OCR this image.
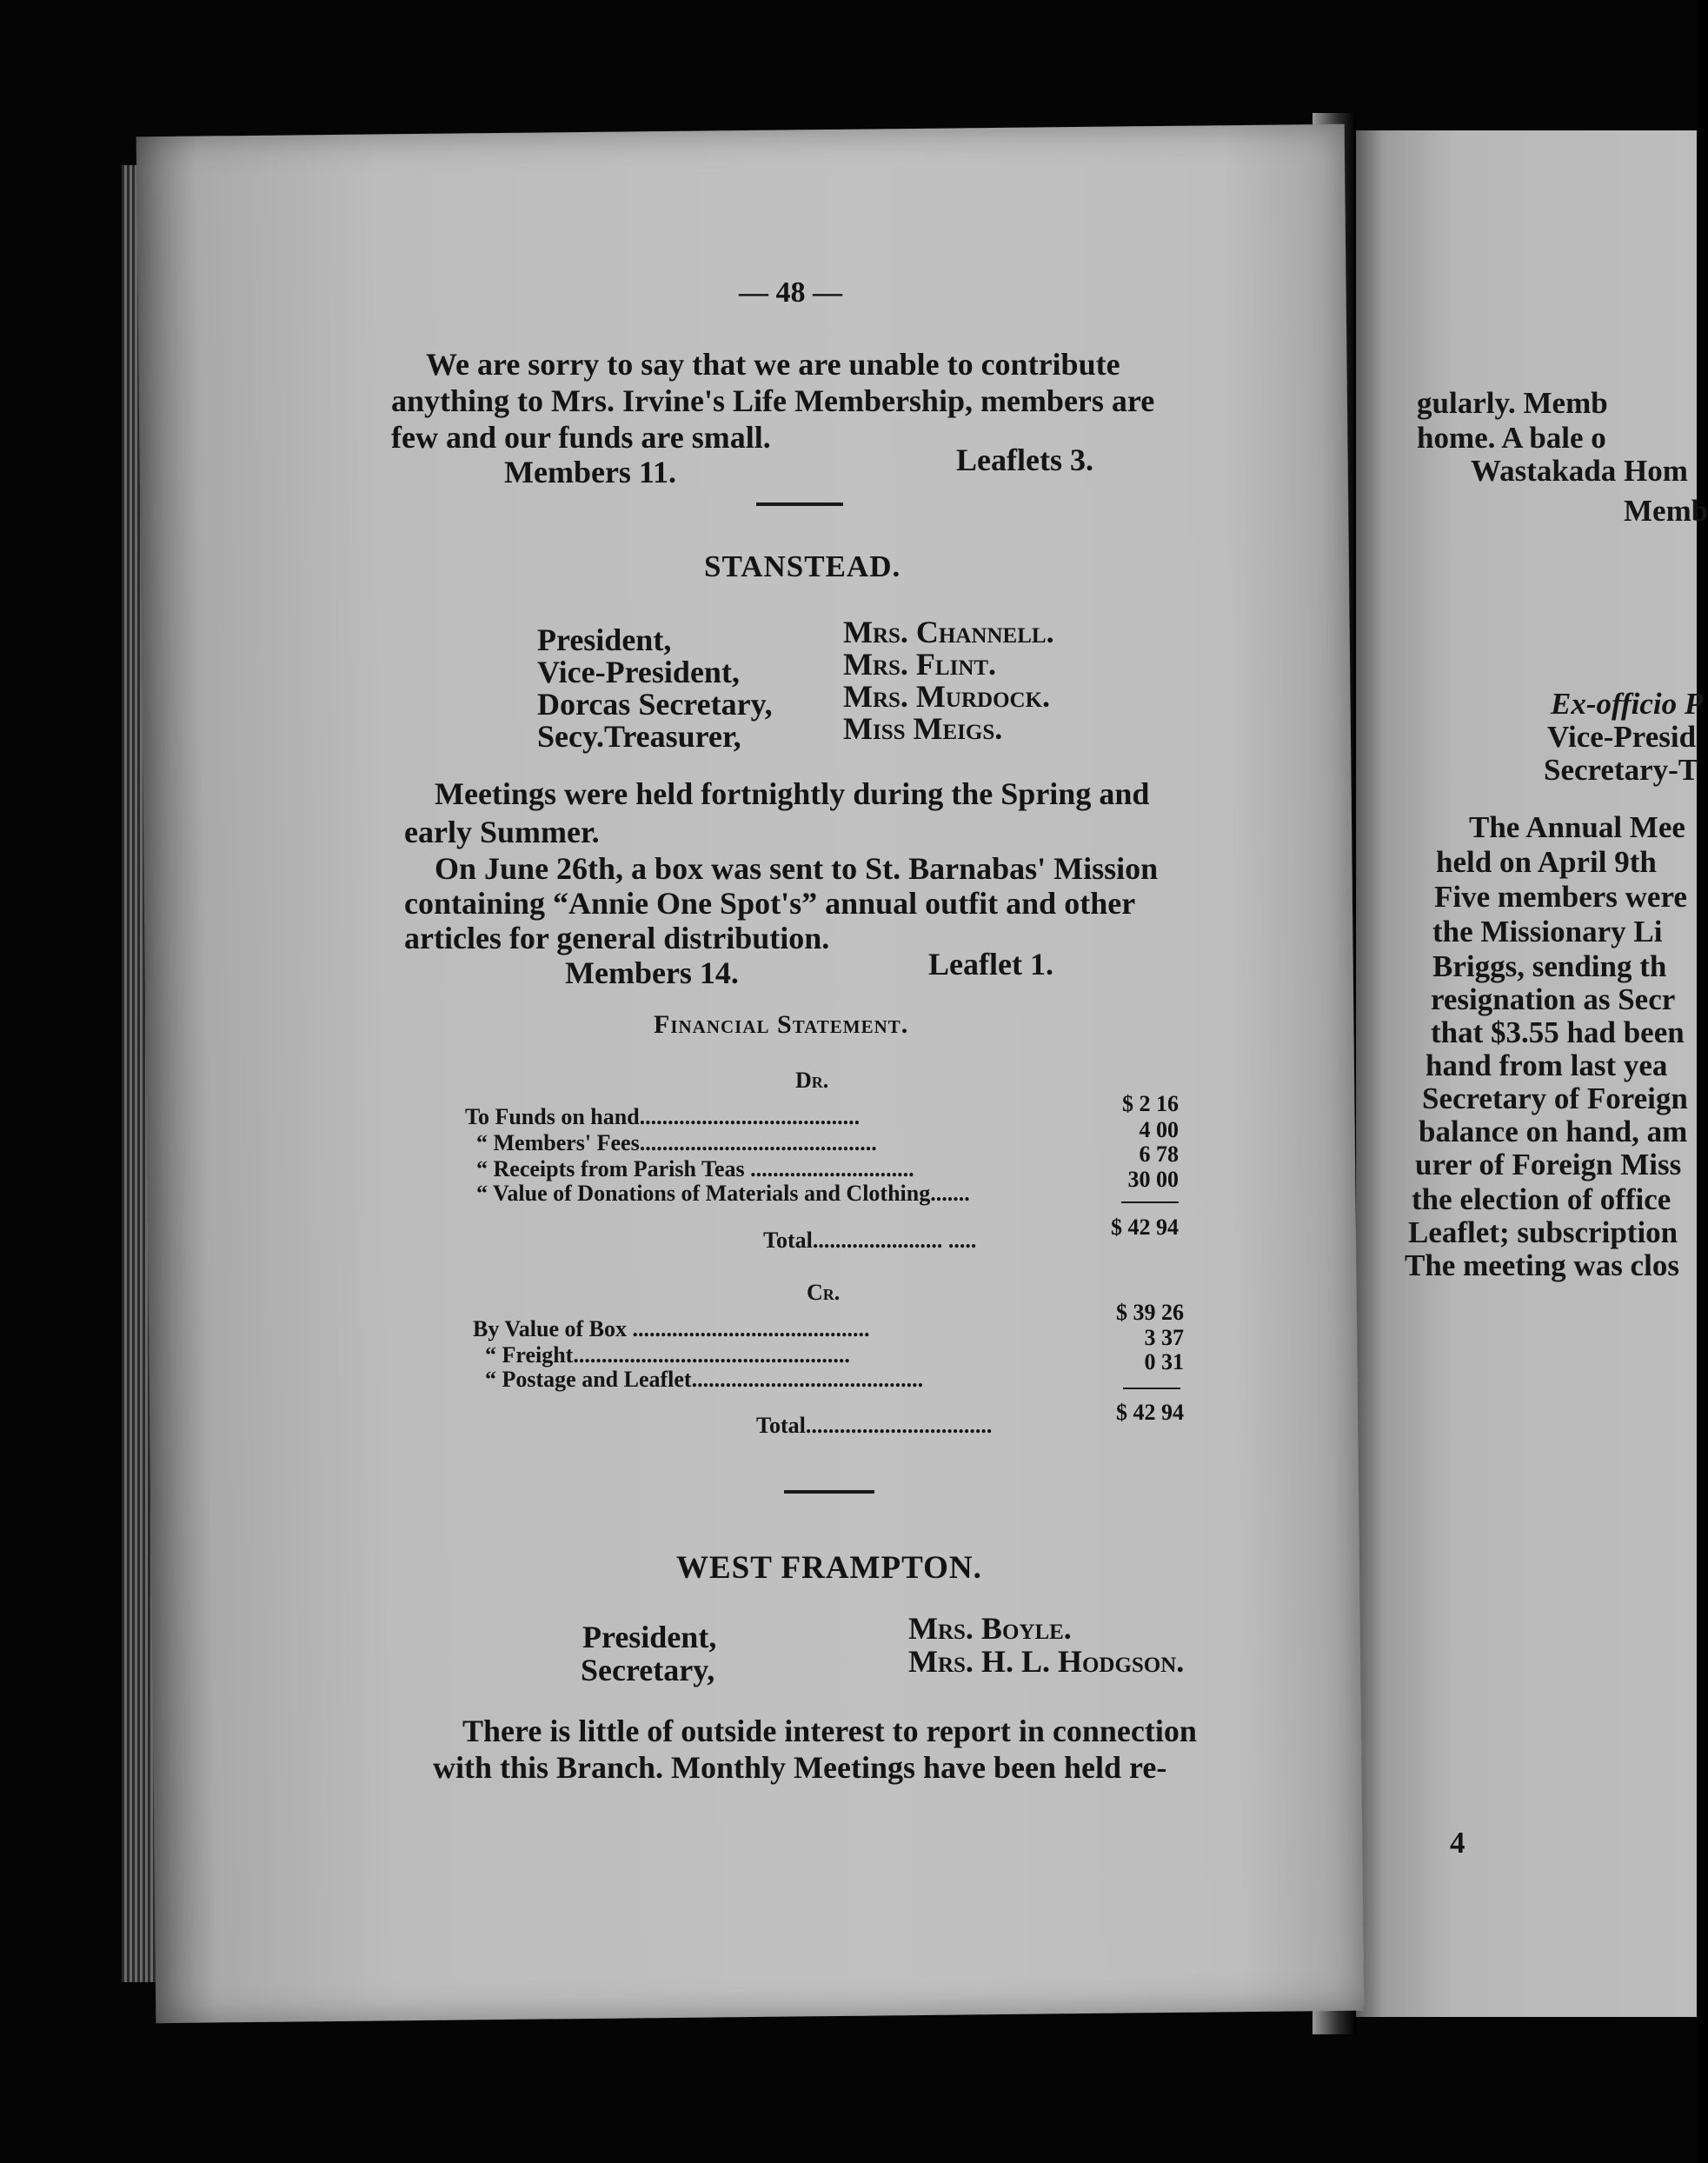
— 48 —
We are sorry to say that we are unable to contribute
anything to Mrs. Irvine's Life Membership, members are
few and our funds are small.
Members 11.	Leaflets 3.
STANSTEAD.
President,
Vice-President,
Dorcas Secretary,
Secy.Treasurer,
Mrs. Channell.
Mrs. Flint.
Mrs. Murdock.
Miss Meigs.
Meetings were held fortnightly during the Spring and
early Summer.
On June 26th, a box was sent to St. Barnabas' Mission
containing “Annie One Spot's” annual outfit and other
articles for general distribution.
Members 14.	Leaflet 1.
Financial Statement.
Dr.
To Funds on hand.......................................
“ Members' Fees..........................................
“ Receipts from Parish Teas .............................
“ Value of Donations of Materials and Clothing.......
$ 2 16
4 00
6 78
30 00
Total....................... .....
$ 42 94
Cr.
By Value of Box ..........................................
“ Freight.................................................
“ Postage and Leaflet.........................................
$ 39 26
3 37
0 31
Total.................................
$ 42 94
WEST FRAMPTON.
President,
Secretary,
Mrs. Boyle.
Mrs. H. L. Hodgson.
There is little of outside interest to report in connection
with this Branch. Monthly Meetings have been held re-
gularly. Memb
home. A bale o
Wastakada Hom
Memb
Ex-officio P
Vice-Presid
Secretary-T
The Annual Mee
held on April 9th
Five members were
the Missionary Li
Briggs, sending th
resignation as Secr
that $3.55 had been
hand from last yea
Secretary of Foreign
balance on hand, am
urer of Foreign Miss
the election of office
Leaflet; subscription
The meeting was clos
4
